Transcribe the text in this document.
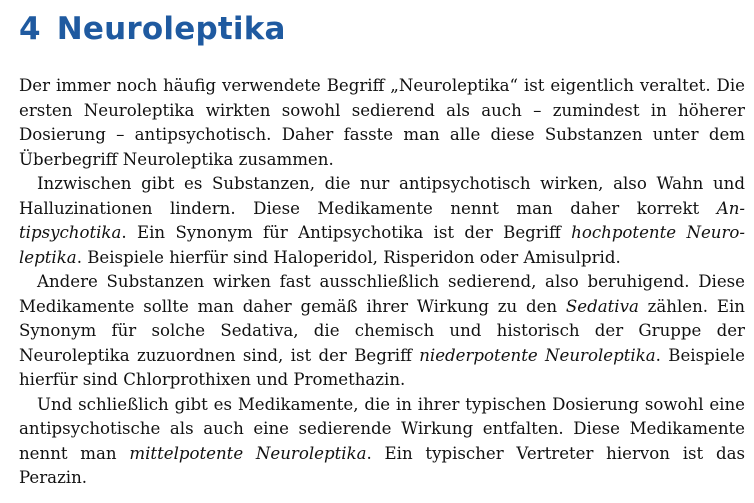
4 Neuroleptika

Der immer noch häufig verwendete Begriff „Neuroleptika“ ist eigentlich veraltet. Die ersten Neuroleptika wirkten sowohl sedierend als auch – zumindest in höherer Dosierung – antipsychotisch. Daher fasste man alle diese Substanzen unter dem Überbegriff Neuroleptika zusammen.

Inzwischen gibt es Substanzen, die nur antipsychotisch wirken, also Wahn und Halluzinationen lindern. Diese Medikamente nennt man daher korrekt Antipsychotika. Ein Synonym für Antipsychotika ist der Begriff hochpotente Neuroleptika. Beispiele hierfür sind Haloperidol, Risperidon oder Amisulprid.

Andere Substanzen wirken fast ausschließlich sedierend, also beruhigend. Diese Medikamente sollte man daher gemäß ihrer Wirkung zu den Sedativa zählen. Ein Synonym für solche Sedativa, die chemisch und historisch der Gruppe der Neuroleptika zuzuordnen sind, ist der Begriff niederpotente Neuroleptika. Beispiele hierfür sind Chlorprothixen und Promethazin.

Und schließlich gibt es Medikamente, die in ihrer typischen Dosierung sowohl eine antipsychotische als auch eine sedierende Wirkung entfalten. Diese Medikamente nennt man mittelpotente Neuroleptika. Ein typischer Vertreter hiervon ist das Perazin.
